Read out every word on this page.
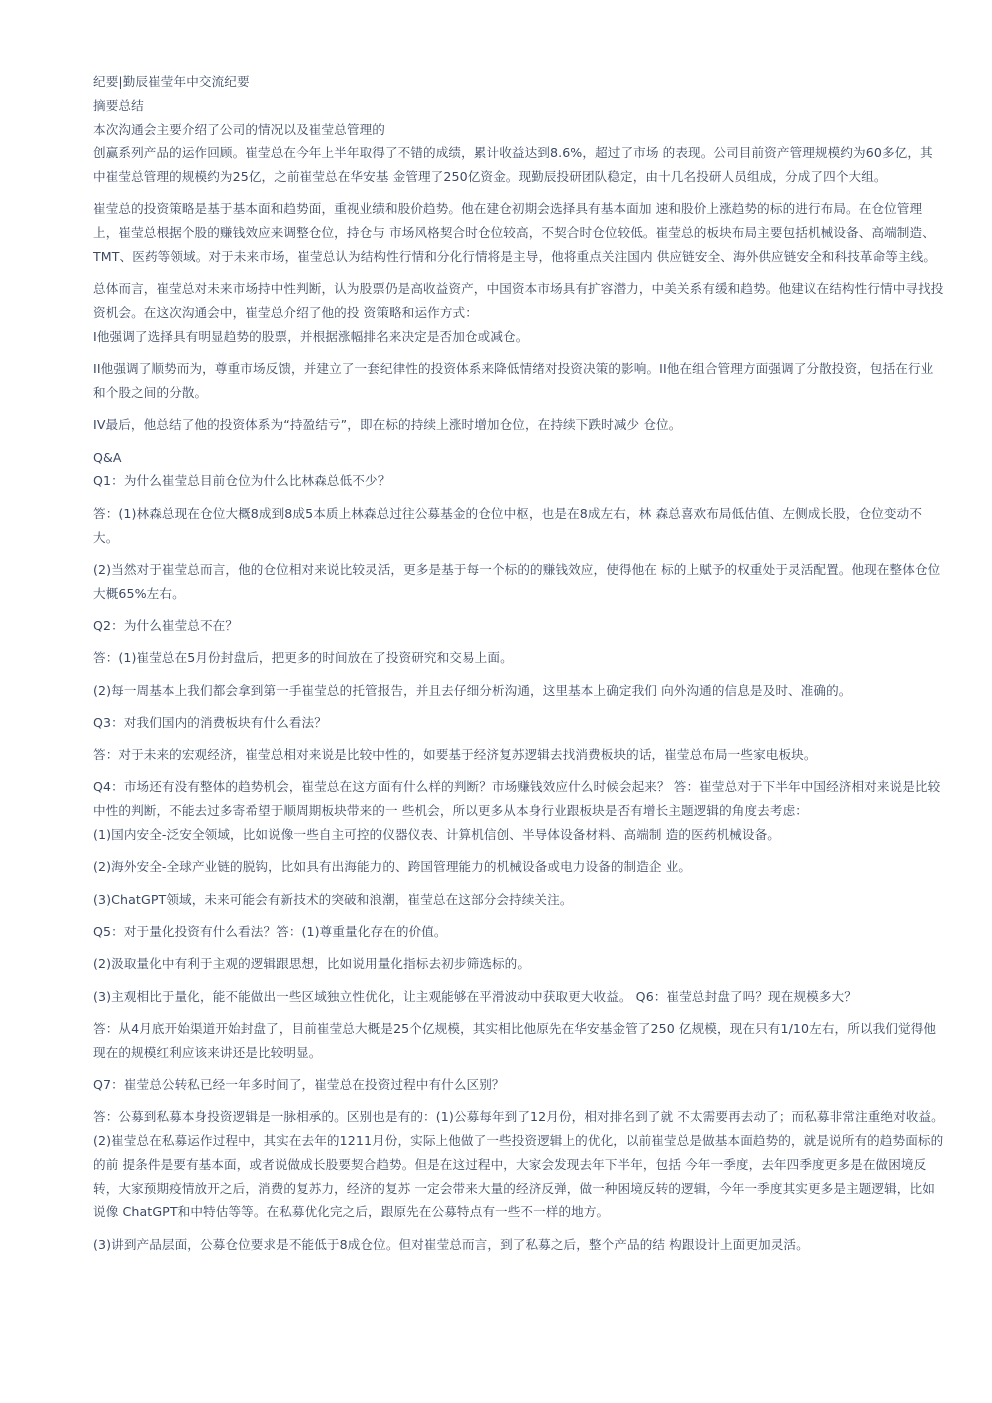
纪要|勤辰崔莹年中交流纪要

摘要总结

本次沟通会主要介绍了公司的情况以及崔莹总管理的

创赢系列产品的运作回顾。崔莹总在今年上半年取得了不错的成绩，累计收益达到8.6%，超过了市场 的表现。公司目前资产管理规模约为60多亿，其中崔莹总管理的规模约为25亿，之前崔莹总在华安基 金管理了250亿资金。现勤辰投研团队稳定，由十几名投研人员组成，分成了四个大组。

崔莹总的投资策略是基于基本面和趋势面，重视业绩和股价趋势。他在建仓初期会选择具有基本面加 速和股价上涨趋势的标的进行布局。在仓位管理上，崔莹总根据个股的赚钱效应来调整仓位，持仓与 市场风格契合时仓位较高，不契合时仓位较低。崔莹总的板块布局主要包括机械设备、高端制造、TMT、医药等领域。对于未来市场，崔莹总认为结构性行情和分化行情将是主导，他将重点关注国内 供应链安全、海外供应链安全和科技革命等主线。

总体而言，崔莹总对未来市场持中性判断，认为股票仍是高收益资产，中国资本市场具有扩容潜力，中美关系有缓和趋势。他建议在结构性行情中寻找投资机会。在这次沟通会中，崔莹总介绍了他的投 资策略和运作方式：

I他强调了选择具有明显趋势的股票，并根据涨幅排名来决定是否加仓或减仓。

II他强调了顺势而为，尊重市场反馈，并建立了一套纪律性的投资体系来降低情绪对投资决策的影响。II他在组合管理方面强调了分散投资，包括在行业和个股之间的分散。

IV最后，他总结了他的投资体系为“持盈结亏”，即在标的持续上涨时增加仓位，在持续下跌时减少 仓位。

Q&A

Q1：为什么崔莹总目前仓位为什么比林森总低不少？

答：(1)林森总现在仓位大概8成到8成5本质上林森总过往公募基金的仓位中枢，也是在8成左右，林 森总喜欢布局低估值、左侧成长股，仓位变动不大。

(2)当然对于崔莹总而言，他的仓位相对来说比较灵活，更多是基于每一个标的的赚钱效应，使得他在 标的上赋予的权重处于灵活配置。他现在整体仓位大概65%左右。

Q2：为什么崔莹总不在？

答：(1)崔莹总在5月份封盘后，把更多的时间放在了投资研究和交易上面。

(2)每一周基本上我们都会拿到第一手崔莹总的托管报告，并且去仔细分析沟通，这里基本上确定我们 向外沟通的信息是及时、准确的。

Q3：对我们国内的消费板块有什么看法？

答：对于未来的宏观经济，崔莹总相对来说是比较中性的，如要基于经济复苏逻辑去找消费板块的话，崔莹总布局一些家电板块。

Q4：市场还有没有整体的趋势机会，崔莹总在这方面有什么样的判断？市场赚钱效应什么时候会起来？ 答：崔莹总对于下半年中国经济相对来说是比较中性的判断，不能去过多寄希望于顺周期板块带来的一 些机会，所以更多从本身行业跟板块是否有增长主题逻辑的角度去考虑：

(1)国内安全-泛安全领域，比如说像一些自主可控的仪器仪表、计算机信创、半导体设备材料、高端制 造的医药机械设备。

(2)海外安全-全球产业链的脱钩，比如具有出海能力的、跨国管理能力的机械设备或电力设备的制造企 业。

(3)ChatGPT领域，未来可能会有新技术的突破和浪潮，崔莹总在这部分会持续关注。

Q5：对于量化投资有什么看法？答：(1)尊重量化存在的价值。

(2)汲取量化中有利于主观的逻辑跟思想，比如说用量化指标去初步筛选标的。

(3)主观相比于量化，能不能做出一些区域独立性优化，让主观能够在平滑波动中获取更大收益。 Q6：崔莹总封盘了吗？现在规模多大？

答：从4月底开始渠道开始封盘了，目前崔莹总大概是25个亿规模，其实相比他原先在华安基金管了250 亿规模，现在只有1/10左右，所以我们觉得他现在的规模红利应该来讲还是比较明显。

Q7：崔莹总公转私已经一年多时间了，崔莹总在投资过程中有什么区别？

答：公募到私募本身投资逻辑是一脉相承的。区别也是有的：(1)公募每年到了12月份，相对排名到了就 不太需要再去动了；而私募非常注重绝对收益。(2)崔莹总在私募运作过程中，其实在去年的1211月份，实际上他做了一些投资逻辑上的优化，以前崔莹总是做基本面趋势的，就是说所有的趋势面标的的前 提条件是要有基本面，或者说做成长股要契合趋势。但是在这过程中，大家会发现去年下半年，包括 今年一季度，去年四季度更多是在做困境反转，大家预期疫情放开之后，消费的复苏力，经济的复苏 一定会带来大量的经济反弹，做一种困境反转的逻辑，今年一季度其实更多是主题逻辑，比如说像 ChatGPT和中特估等等。在私募优化完之后，跟原先在公募特点有一些不一样的地方。

(3)讲到产品层面，公募仓位要求是不能低于8成仓位。但对崔莹总而言，到了私募之后，整个产品的结 构跟设计上面更加灵活。
